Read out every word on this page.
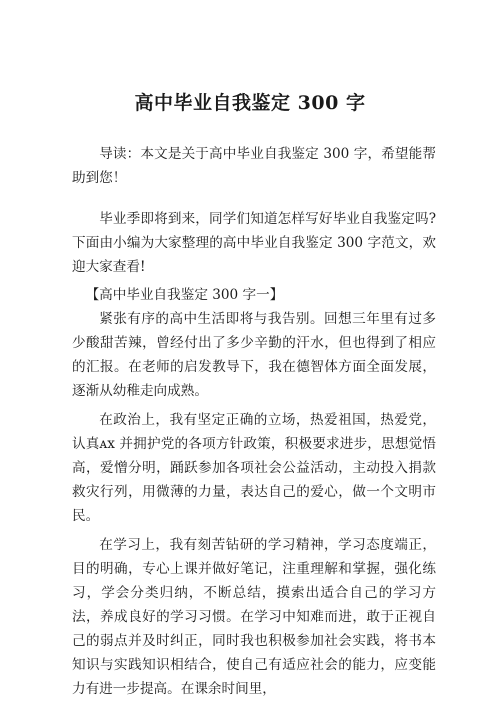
高中毕业自我鉴定 300 字

导读：本文是关于高中毕业自我鉴定 300 字，希望能帮助到您！

毕业季即将到来，同学们知道怎样写好毕业自我鉴定吗?下面由小编为大家整理的高中毕业自我鉴定 300 字范文，欢迎大家查看!

【高中毕业自我鉴定 300 字一】

紧张有序的高中生活即将与我告别。回想三年里有过多少酸甜苦辣，曾经付出了多少辛勤的汗水，但也得到了相应的汇报。在老师的启发教导下，我在德智体方面全面发展，逐渐从幼稚走向成熟。

在政治上，我有坚定正确的立场，热爱祖国，热爱党，认真ᴀx 并拥护党的各项方针政策，积极要求进步，思想觉悟高，爱憎分明，踊跃参加各项社会公益活动，主动投入捐款救灾行列，用微薄的力量，表达自己的爱心，做一个文明市民。

在学习上，我有刻苦钻研的学习精神，学习态度端正，目的明确，专心上课并做好笔记，注重理解和掌握，强化练习，学会分类归纳，不断总结，摸索出适合自己的学习方法，养成良好的学习习惯。在学习中知难而进，敢于正视自己的弱点并及时纠正，同时我也积极参加社会实践，将书本知识与实践知识相结合，使自己有适应社会的能力，应变能力有进一步提高。在课余时间里，
